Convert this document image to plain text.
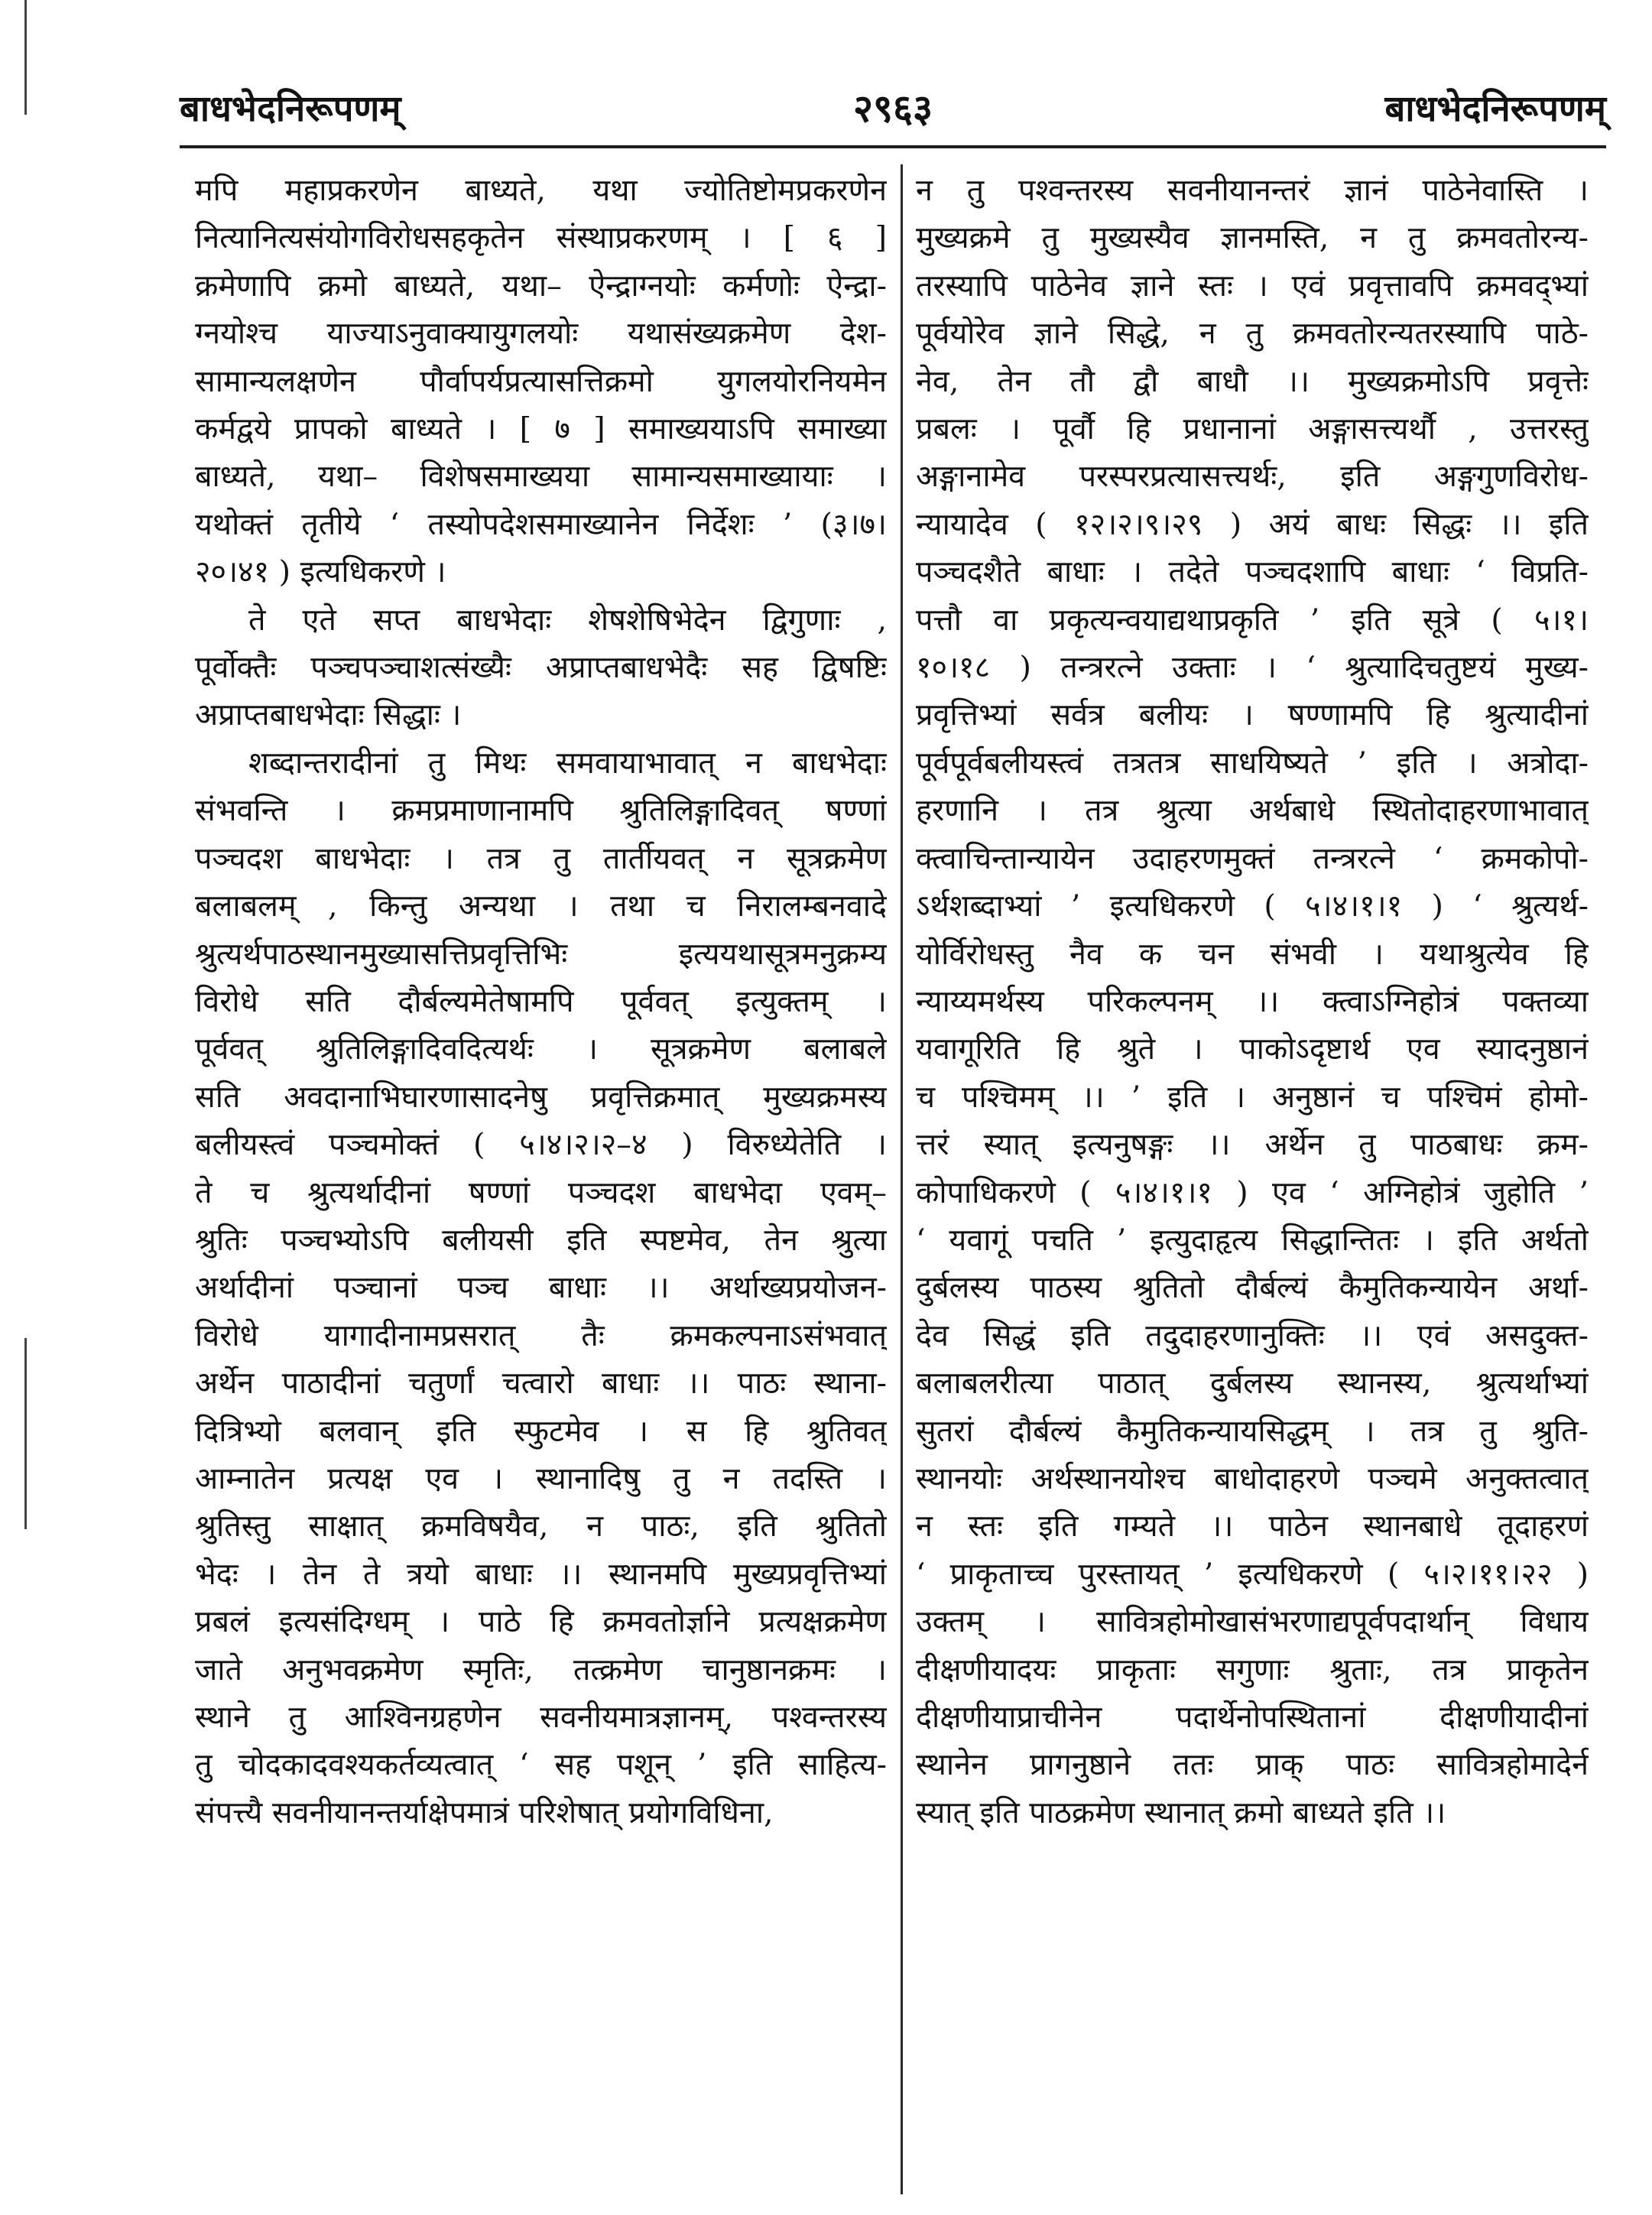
बाधभेदनिरूपणम्	२९६३	बाधभेदनिरूपणम्
मपि महाप्रकरणेन बाध्यते, यथा ज्योतिष्टोमप्रकरणेन
नित्यानित्यसंयोगविरोधसहकृतेन संस्थाप्रकरणम् । [ ६ ]
क्रमेणापि क्रमो बाध्यते, यथा– ऐन्द्राग्नयोः कर्मणोः ऐन्द्रा-
ग्नयोश्च याज्याऽनुवाक्यायुगलयोः यथासंख्यक्रमेण देश-
सामान्यलक्षणेन पौर्वापर्यप्रत्यासत्तिक्रमो युगलयोरनियमेन
कर्मद्वये प्रापको बाध्यते । [ ७ ] समाख्ययाऽपि समाख्या
बाध्यते, यथा– विशेषसमाख्यया सामान्यसमाख्यायाः ।
यथोक्तं तृतीये ‘ तस्योपदेशसमाख्यानेन निर्देशः ’ (३।७।
२०।४१ ) इत्यधिकरणे ।
ते एते सप्त बाधभेदाः शेषशेषिभेदेन द्विगुणाः ,
पूर्वोक्तैः पञ्चपञ्चाशत्संख्यैः अप्राप्तबाधभेदैः सह द्विषष्टिः
अप्राप्तबाधभेदाः सिद्धाः ।
शब्दान्तरादीनां तु मिथः समवायाभावात् न बाधभेदाः
संभवन्ति । क्रमप्रमाणानामपि श्रुतिलिङ्गादिवत् षण्णां
पञ्चदश बाधभेदाः । तत्र तु तार्तीयवत् न सूत्रक्रमेण
बलाबलम् , किन्तु अन्यथा । तथा च निरालम्बनवादे
श्रुत्यर्थपाठस्थानमुख्यासत्तिप्रवृत्तिभिः इत्ययथासूत्रमनुक्रम्य
विरोधे सति दौर्बल्यमेतेषामपि पूर्ववत् इत्युक्तम् ।
पूर्ववत् श्रुतिलिङ्गादिवदित्यर्थः । सूत्रक्रमेण बलाबले
सति अवदानाभिघारणासादनेषु प्रवृत्तिक्रमात् मुख्यक्रमस्य
बलीयस्त्वं पञ्चमोक्तं ( ५।४।२।२–४ ) विरुध्येतेति ।
ते च श्रुत्यर्थादीनां षण्णां पञ्चदश बाधभेदा एवम्–
श्रुतिः पञ्चभ्योऽपि बलीयसी इति स्पष्टमेव, तेन श्रुत्या
अर्थादीनां पञ्चानां पञ्च बाधाः ।। अर्थाख्यप्रयोजन-
विरोधे यागादीनामप्रसरात् तैः क्रमकल्पनाऽसंभवात्
अर्थेन पाठादीनां चतुर्णां चत्वारो बाधाः ।। पाठः स्थाना-
दित्रिभ्यो बलवान् इति स्फुटमेव । स हि श्रुतिवत्
आम्नातेन प्रत्यक्ष एव । स्थानादिषु तु न तदस्ति ।
श्रुतिस्तु साक्षात् क्रमविषयैव, न पाठः, इति श्रुतितो
भेदः । तेन ते त्रयो बाधाः ।। स्थानमपि मुख्यप्रवृत्तिभ्यां
प्रबलं इत्यसंदिग्धम् । पाठे हि क्रमवतोर्ज्ञाने प्रत्यक्षक्रमेण
जाते अनुभवक्रमेण स्मृतिः, तत्क्रमेण चानुष्ठानक्रमः ।
स्थाने तु आश्विनग्रहणेन सवनीयमात्रज्ञानम्, पश्वन्तरस्य
तु चोदकादवश्यकर्तव्यत्वात् ‘ सह पशून् ’ इति साहित्य-
संपत्त्यै सवनीयानन्तर्याक्षेपमात्रं परिशेषात् प्रयोगविधिना,
न तु पश्वन्तरस्य सवनीयानन्तरं ज्ञानं पाठेनेवास्ति ।
मुख्यक्रमे तु मुख्यस्यैव ज्ञानमस्ति, न तु क्रमवतोरन्य-
तरस्यापि पाठेनेव ज्ञाने स्तः । एवं प्रवृत्तावपि क्रमवद्भ्यां
पूर्वयोरेव ज्ञाने सिद्धे, न तु क्रमवतोरन्यतरस्यापि पाठे-
नेव, तेन तौ द्वौ बाधौ ।। मुख्यक्रमोऽपि प्रवृत्तेः
प्रबलः । पूर्वौ हि प्रधानानां अङ्गासत्त्यर्थौ , उत्तरस्तु
अङ्गानामेव परस्परप्रत्यासत्त्यर्थः, इति अङ्गगुणविरोध-
न्यायादेव ( १२।२।९।२९ ) अयं बाधः सिद्धः ।। इति
पञ्चदशैते बाधाः । तदेते पञ्चदशापि बाधाः ‘ विप्रति-
पत्तौ वा प्रकृत्यन्वयाद्यथाप्रकृति ’ इति सूत्रे ( ५।१।
१०।१८ ) तन्त्ररत्ने उक्ताः । ‘ श्रुत्यादिचतुष्टयं मुख्य-
प्रवृत्तिभ्यां सर्वत्र बलीयः । षण्णामपि हि श्रुत्यादीनां
पूर्वपूर्वबलीयस्त्वं तत्रतत्र साधयिष्यते ’ इति । अत्रोदा-
हरणानि । तत्र श्रुत्या अर्थबाधे स्थितोदाहरणाभावात्
क्त्वाचिन्तान्यायेन उदाहरणमुक्तं तन्त्ररत्ने ‘ क्रमकोपो-
ऽर्थशब्दाभ्यां ’ इत्यधिकरणे ( ५।४।१।१ ) ‘ श्रुत्यर्थ-
योर्विरोधस्तु नैव क चन संभवी । यथाश्रुत्येव हि
न्याय्यमर्थस्य परिकल्पनम् ।। क्त्वाऽग्निहोत्रं पक्तव्या
यवागूरिति हि श्रुते । पाकोऽदृष्टार्थ एव स्यादनुष्ठानं
च पश्चिमम् ।। ’ इति । अनुष्ठानं च पश्चिमं होमो-
त्तरं स्यात् इत्यनुषङ्गः ।। अर्थेन तु पाठबाधः क्रम-
कोपाधिकरणे ( ५।४।१।१ ) एव ‘ अग्निहोत्रं जुहोति ’
‘ यवागूं पचति ’ इत्युदाहृत्य सिद्धान्तितः । इति अर्थतो
दुर्बलस्य पाठस्य श्रुतितो दौर्बल्यं कैमुतिकन्यायेन अर्था-
देव सिद्धं इति तदुदाहरणानुक्तिः ।। एवं असदुक्त-
बलाबलरीत्या पाठात् दुर्बलस्य स्थानस्य, श्रुत्यर्थाभ्यां
सुतरां दौर्बल्यं कैमुतिकन्यायसिद्धम् । तत्र तु श्रुति-
स्थानयोः अर्थस्थानयोश्च बाधोदाहरणे पञ्चमे अनुक्तत्वात्
न स्तः इति गम्यते ।। पाठेन स्थानबाधे तूदाहरणं
‘ प्राकृताच्च पुरस्तायत् ’ इत्यधिकरणे ( ५।२।११।२२ )
उक्तम् । सावित्रहोमोखासंभरणाद्यपूर्वपदार्थान् विधाय
दीक्षणीयादयः प्राकृताः सगुणाः श्रुताः, तत्र प्राकृतेन
दीक्षणीयाप्राचीनेन पदार्थेनोपस्थितानां दीक्षणीयादीनां
स्थानेन प्रागनुष्ठाने ततः प्राक् पाठः सावित्रहोमादेर्न
स्यात् इति पाठक्रमेण स्थानात् क्रमो बाध्यते इति ।।
